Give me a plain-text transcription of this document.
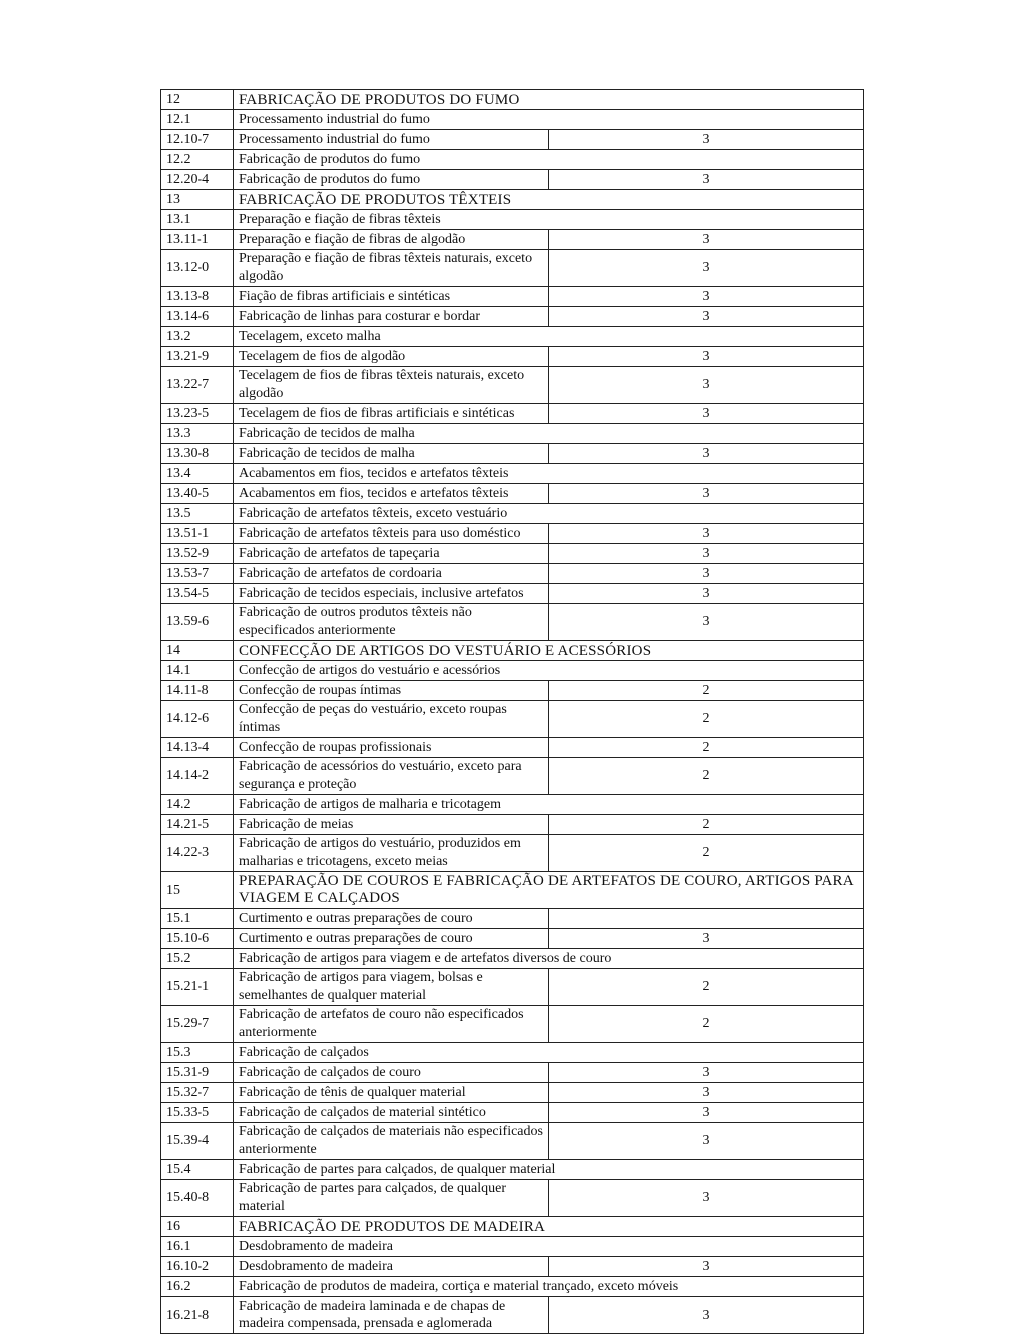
12	FABRICAÇÃO DE PRODUTOS DO FUMO	
12.1	Processamento industrial do fumo	
12.10-7	Processamento industrial do fumo	3
12.2	Fabricação de produtos do fumo	
12.20-4	Fabricação de produtos do fumo	3
13	FABRICAÇÃO DE PRODUTOS TÊXTEIS	
13.1	Preparação e fiação de fibras têxteis	
13.11-1	Preparação e fiação de fibras de algodão	3
13.12-0	Preparação e fiação de fibras têxteis naturais, exceto algodão	3
13.13-8	Fiação de fibras artificiais e sintéticas	3
13.14-6	Fabricação de linhas para costurar e bordar	3
13.2	Tecelagem, exceto malha	
13.21-9	Tecelagem de fios de algodão	3
13.22-7	Tecelagem de fios de fibras têxteis naturais, exceto algodão	3
13.23-5	Tecelagem de fios de fibras artificiais e sintéticas	3
13.3	Fabricação de tecidos de malha	
13.30-8	Fabricação de tecidos de malha	3
13.4	Acabamentos em fios, tecidos e artefatos têxteis	
13.40-5	Acabamentos em fios, tecidos e artefatos têxteis	3
13.5	Fabricação de artefatos têxteis, exceto vestuário	
13.51-1	Fabricação de artefatos têxteis para uso doméstico	3
13.52-9	Fabricação de artefatos de tapeçaria	3
13.53-7	Fabricação de artefatos de cordoaria	3
13.54-5	Fabricação de tecidos especiais, inclusive artefatos	3
13.59-6	Fabricação de outros produtos têxteis não especificados anteriormente	3
14	CONFECÇÃO DE ARTIGOS DO VESTUÁRIO E ACESSÓRIOS	
14.1	Confecção de artigos do vestuário e acessórios	
14.11-8	Confecção de roupas íntimas	2
14.12-6	Confecção de peças do vestuário, exceto roupas íntimas	2
14.13-4	Confecção de roupas profissionais	2
14.14-2	Fabricação de acessórios do vestuário, exceto para segurança e proteção	2
14.2	Fabricação de artigos de malharia e tricotagem	
14.21-5	Fabricação de meias	2
14.22-3	Fabricação de artigos do vestuário, produzidos em malharias e tricotagens, exceto meias	2
15	PREPARAÇÃO DE COUROS E FABRICAÇÃO DE ARTEFATOS DE COURO, ARTIGOS PARA VIAGEM E CALÇADOS	
15.1	Curtimento e outras preparações de couro	
15.10-6	Curtimento e outras preparações de couro	3
15.2	Fabricação de artigos para viagem e de artefatos diversos de couro	
15.21-1	Fabricação de artigos para viagem, bolsas e semelhantes de qualquer material	2
15.29-7	Fabricação de artefatos de couro não especificados anteriormente	2
15.3	Fabricação de calçados	
15.31-9	Fabricação de calçados de couro	3
15.32-7	Fabricação de tênis de qualquer material	3
15.33-5	Fabricação de calçados de material sintético	3
15.39-4	Fabricação de calçados de materiais não especificados anteriormente	3
15.4	Fabricação de partes para calçados, de qualquer material	
15.40-8	Fabricação de partes para calçados, de qualquer material	3
16	FABRICAÇÃO DE PRODUTOS DE MADEIRA	
16.1	Desdobramento de madeira	
16.10-2	Desdobramento de madeira	3
16.2	Fabricação de produtos de madeira, cortiça e material trançado, exceto móveis	
16.21-8	Fabricação de madeira laminada e de chapas de madeira compensada, prensada e aglomerada	3
